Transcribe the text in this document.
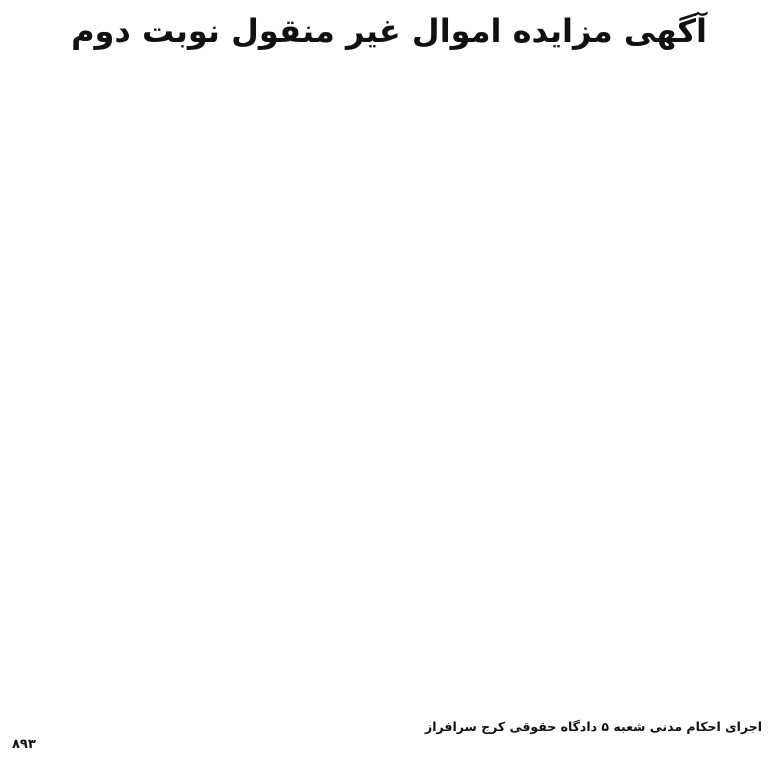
آگهی مزایده اموال غیر منقول نوبت دوم
اجرای احکام مدنی شعبه ۵ دادگاه حقوقی کرج سرافراز
۸۹۳
